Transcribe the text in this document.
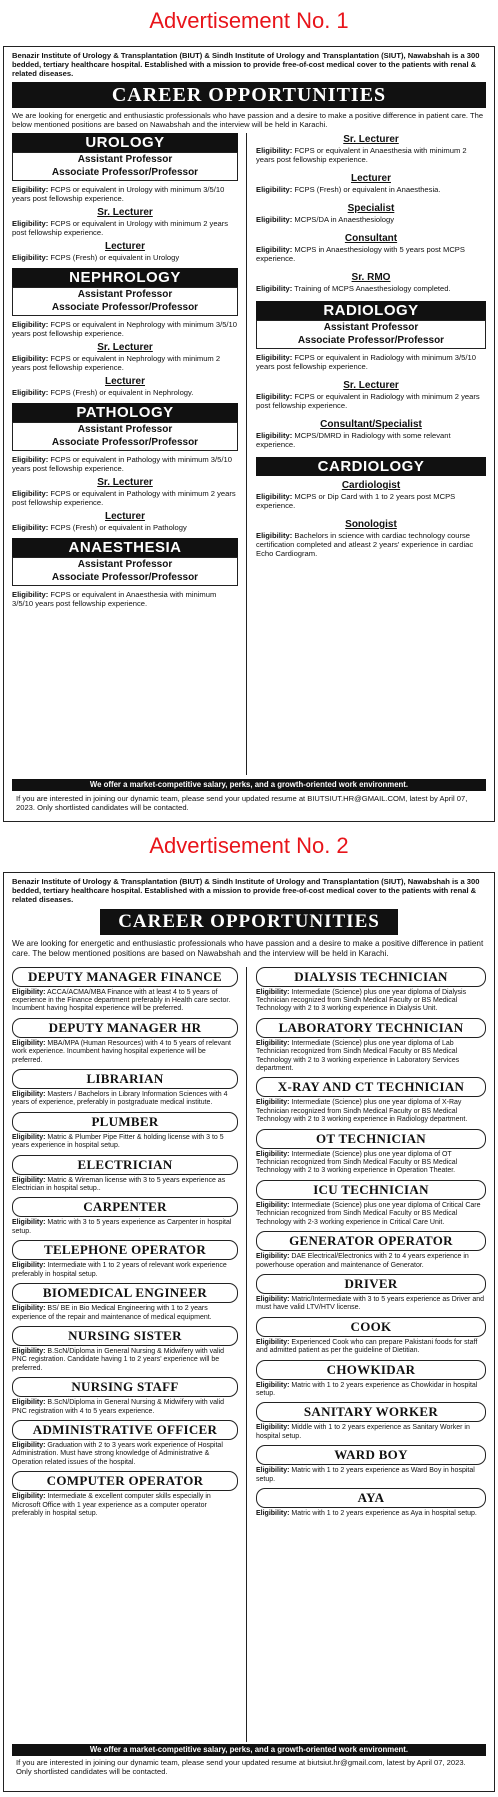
Advertisement No. 1

Benazir Institute of Urology & Transplantation (BIUT) & Sindh Institute of Urology and Transplantation (SIUT), Nawabshah is a 300 bedded, tertiary healthcare hospital. Established with a mission to provide free-of-cost medical cover to the patients with renal & related diseases.

CAREER OPPORTUNITIES

We are looking for energetic and enthusiastic professionals who have passion and a desire to make a positive difference in patient care. The below mentioned positions are based on Nawabshah and the interview will be held in Karachi.

UROLOGY
Assistant Professor
Associate Professor/Professor

Eligibility: FCPS or equivalent in Urology with minimum 3/5/10 years post fellowship experience.

Sr. Lecturer

Eligibility: FCPS or equivalent in Urology with minimum 2 years post fellowship experience.

Lecturer

Eligibility: FCPS (Fresh) or equivalent in Urology

NEPHROLOGY
Assistant Professor
Associate Professor/Professor

Eligibility: FCPS or equivalent in Nephrology with minimum 3/5/10 years post fellowship experience.

Sr. Lecturer

Eligibility: FCPS or equivalent in Nephrology with minimum 2 years post fellowship experience.

Lecturer

Eligibility: FCPS (Fresh) or equivalent in Nephrology.

PATHOLOGY
Assistant Professor
Associate Professor/Professor

Eligibility: FCPS or equivalent in Pathology with minimum 3/5/10 years post fellowship experience.

Sr. Lecturer

Eligibility: FCPS or equivalent in Pathology with minimum 2 years post fellowship experience.

Lecturer

Eligibility: FCPS (Fresh) or equivalent in Pathology

ANAESTHESIA
Assistant Professor
Associate Professor/Professor

Eligibility: FCPS or equivalent in Anaesthesia with minimum 3/5/10 years post fellowship experience.

Sr. Lecturer

Eligibility: FCPS or equivalent in Anaesthesia with minimum 2 years post fellowship experience.

Lecturer

Eligibility: FCPS (Fresh) or equivalent in Anaesthesia.

Specialist

Eligibility: MCPS/DA in Anaesthesiology

Consultant

Eligibility: MCPS in Anaesthesiology with 5 years post MCPS experience.

Sr. RMO

Eligibility: Training of MCPS Anaesthesiology completed.

RADIOLOGY
Assistant Professor
Associate Professor/Professor

Eligibility: FCPS or equivalent in Radiology with minimum 3/5/10 years post fellowship experience.

Sr. Lecturer

Eligibility: FCPS or equivalent in Radiology with minimum 2 years post fellowship experience.

Consultant/Specialist

Eligibility: MCPS/DMRD in Radiology with some relevant experience.

CARDIOLOGY
Cardiologist

Eligibility: MCPS or Dip Card with 1 to 2 years post MCPS experience.

Sonologist

Eligibility: Bachelors in science with cardiac technology course certification completed and atleast 2 years' experience in cardiac Echo Cardiogram.

We offer a market-competitive salary, perks, and a growth-oriented work environment.

If you are interested in joining our dynamic team, please send your updated resume at BIUTSIUT.HR@GMAIL.COM, latest by April 07, 2023. Only shortlisted candidates will be contacted.

Advertisement No. 2

Benazir Institute of Urology & Transplantation (BIUT) & Sindh Institute of Urology and Transplantation (SIUT), Nawabshah is a 300 bedded, tertiary healthcare hospital. Established with a mission to provide free-of-cost medical cover to the patients with renal & related diseases.

CAREER OPPORTUNITIES

We are looking for energetic and enthusiastic professionals who have passion and a desire to make a positive difference in patient care. The below mentioned positions are based on Nawabshah and the interview will be held in Karachi.

DEPUTY MANAGER FINANCE

Eligibility: ACCA/ACMA/MBA Finance with at least 4 to 5 years of experience in the Finance department preferably in Health care sector. Incumbent having hospital experience will be preferred.

DEPUTY MANAGER HR

Eligibility: MBA/MPA (Human Resources) with 4 to 5 years of relevant work experience. Incumbent having hospital experience will be preferred.

LIBRARIAN

Eligibility: Masters / Bachelors in Library Information Sciences with 4 years of experience, preferably in postgraduate medical institute.

PLUMBER

Eligibility: Matric & Plumber Pipe Fitter & holding license with 3 to 5 years experience in hospital setup.

ELECTRICIAN

Eligibility: Matric & Wireman license with 3 to 5 years experience as Electrician in hospital setup..

CARPENTER

Eligibility: Matric with 3 to 5 years experience as Carpenter in hospital setup.

TELEPHONE OPERATOR

Eligibility: Intermediate with 1 to 2 years of relevant work experience preferably in hospital setup.

BIOMEDICAL ENGINEER

Eligibility: BS/ BE in Bio Medical Engineering with 1 to 2 years experience of the repair and maintenance of medical equipment.

NURSING SISTER

Eligibility: B.ScN/Diploma in General Nursing & Midwifery with valid PNC registration. Candidate having 1 to 2 years' experience will be preferred.

NURSING STAFF

Eligibility: B.ScN/Diploma in General Nursing & Midwifery with valid PNC registration with 4 to 5 years experience.

ADMINISTRATIVE OFFICER

Eligibility: Graduation with 2 to 3 years work experience of Hospital Administration. Must have strong knowledge of Administrative & Operation related issues of the hospital.

COMPUTER OPERATOR

Eligibility: Intermediate & excellent computer skills especially in Microsoft Office with 1 year experience as a computer operator preferably in hospital setup.

DIALYSIS TECHNICIAN

Eligibility: Intermediate (Science) plus one year diploma of Dialysis Technician recognized from Sindh Medical Faculty or BS Medical Technology with 2 to 3 working experience in Dialysis Unit.

LABORATORY TECHNICIAN

Eligibility: Intermediate (Science) plus one year diploma of Lab Technician recognized from Sindh Medical Faculty or BS Medical Technology with 2 to 3 working experience in Laboratory Services department.

X-RAY AND CT TECHNICIAN

Eligibility: Intermediate (Science) plus one year diploma of X-Ray Technician recognized from Sindh Medical Faculty or BS Medical Technology with 2 to 3 working experience in Radiology department.

OT TECHNICIAN

Eligibility: Intermediate (Science) plus one year diploma of OT Technician recognized from Sindh Medical Faculty or BS Medical Technology with 2 to 3 working experience in Operation Theater.

ICU TECHNICIAN

Eligibility: Intermediate (Science) plus one year diploma of Critical Care Technician recognized from Sindh Medical Faculty or BS Medical Technology with 2-3 working experience in Critical Care Unit.

GENERATOR OPERATOR

Eligibility: DAE Electrical/Electronics with 2 to 4 years experience in powerhouse operation and maintenance of Generator.

DRIVER

Eligibility: Matric/Intermediate with 3 to 5 years experience as Driver and must have valid LTV/HTV license.

COOK

Eligibility: Experienced Cook who can prepare Pakistani foods for staff and admitted patient as per the guideline of Dietitian.

CHOWKIDAR

Eligibility: Matric with 1 to 2 years experience as Chowkidar in hospital setup.

SANITARY WORKER

Eligibility: Middle with 1 to 2 years experience as Sanitary Worker in hospital setup.

WARD BOY

Eligibility: Matric with 1 to 2 years experience as Ward Boy in hospital setup.

AYA

Eligibility: Matric with 1 to 2 years experience as Aya in hospital setup.

We offer a market-competitive salary, perks, and a growth-oriented work environment.

If you are interested in joining our dynamic team, please send your updated resume at biutsiut.hr@gmail.com, latest by April 07, 2023. Only shortlisted candidates will be contacted.
